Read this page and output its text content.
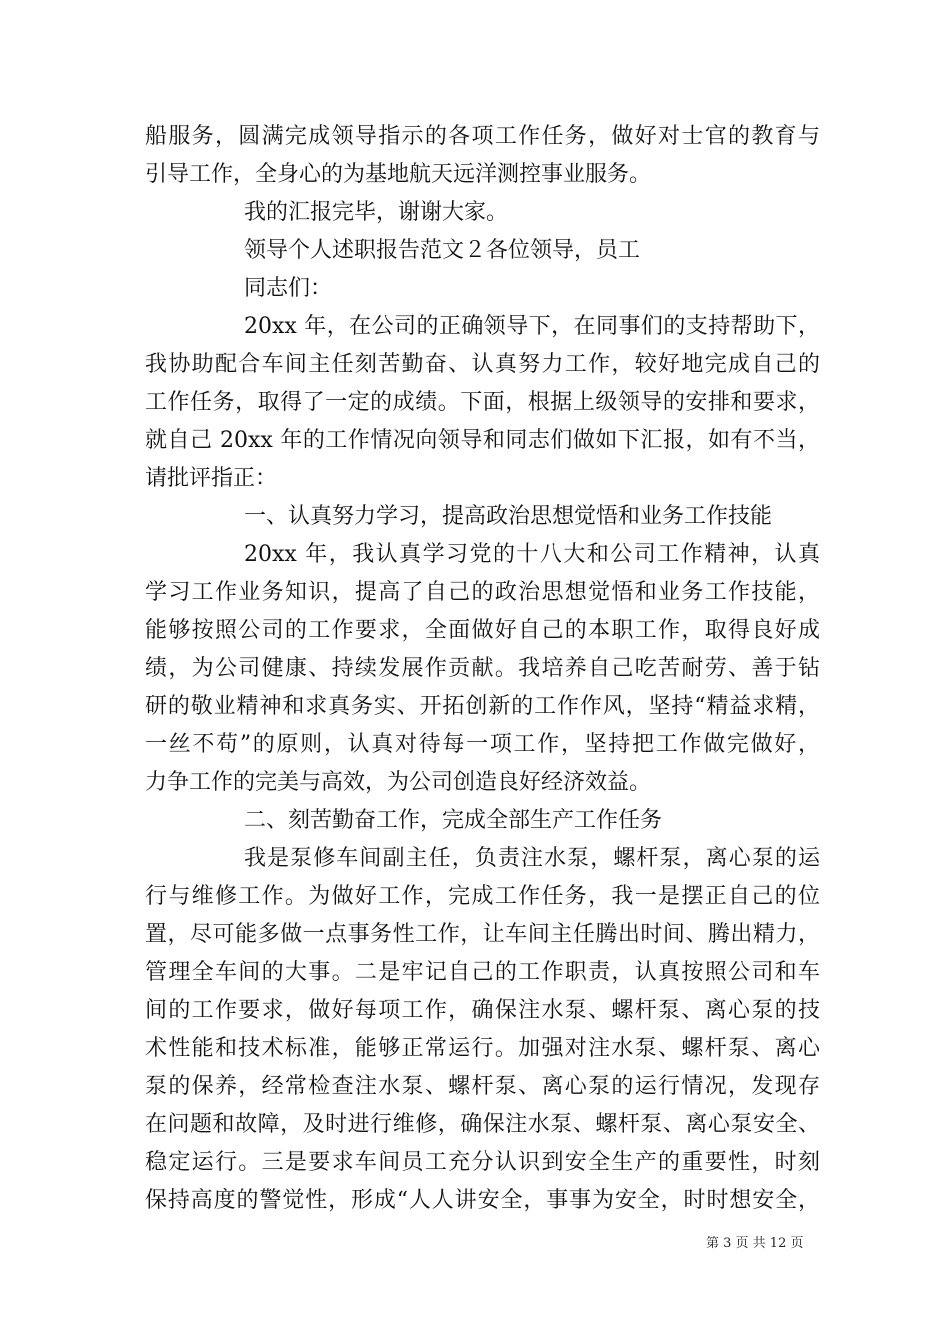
船服务，圆满完成领导指示的各项工作任务，做好对士官的教育与
引导工作，全身心的为基地航天远洋测控事业服务。
我的汇报完毕，谢谢大家。
领导个人述职报告范文２各位领导，员工
同志们：
20xx 年，在公司的正确领导下，在同事们的支持帮助下，
我协助配合车间主任刻苦勤奋、认真努力工作，较好地完成自己的
工作任务，取得了一定的成绩。下面，根据上级领导的安排和要求，
就自己 20xx 年的工作情况向领导和同志们做如下汇报，如有不当，
请批评指正：
一、认真努力学习，提高政治思想觉悟和业务工作技能
20xx 年，我认真学习党的十八大和公司工作精神，认真
学习工作业务知识，提高了自己的政治思想觉悟和业务工作技能，
能够按照公司的工作要求，全面做好自己的本职工作，取得良好成
绩，为公司健康、持续发展作贡献。我培养自己吃苦耐劳、善于钻
研的敬业精神和求真务实、开拓创新的工作作风，坚持“精益求精，
一丝不苟”的原则，认真对待每一项工作，坚持把工作做完做好，
力争工作的完美与高效，为公司创造良好经济效益。
二、刻苦勤奋工作，完成全部生产工作任务
我是泵修车间副主任，负责注水泵，螺杆泵，离心泵的运
行与维修工作。为做好工作，完成工作任务，我一是摆正自己的位
置，尽可能多做一点事务性工作，让车间主任腾出时间、腾出精力，
管理全车间的大事。二是牢记自己的工作职责，认真按照公司和车
间的工作要求，做好每项工作，确保注水泵、螺杆泵、离心泵的技
术性能和技术标准，能够正常运行。加强对注水泵、螺杆泵、离心
泵的保养，经常检查注水泵、螺杆泵、离心泵的运行情况，发现存
在问题和故障，及时进行维修，确保注水泵、螺杆泵、离心泵安全、
稳定运行。三是要求车间员工充分认识到安全生产的重要性，时刻
保持高度的警觉性，形成“人人讲安全，事事为安全，时时想安全，
第 3 页 共 12 页
